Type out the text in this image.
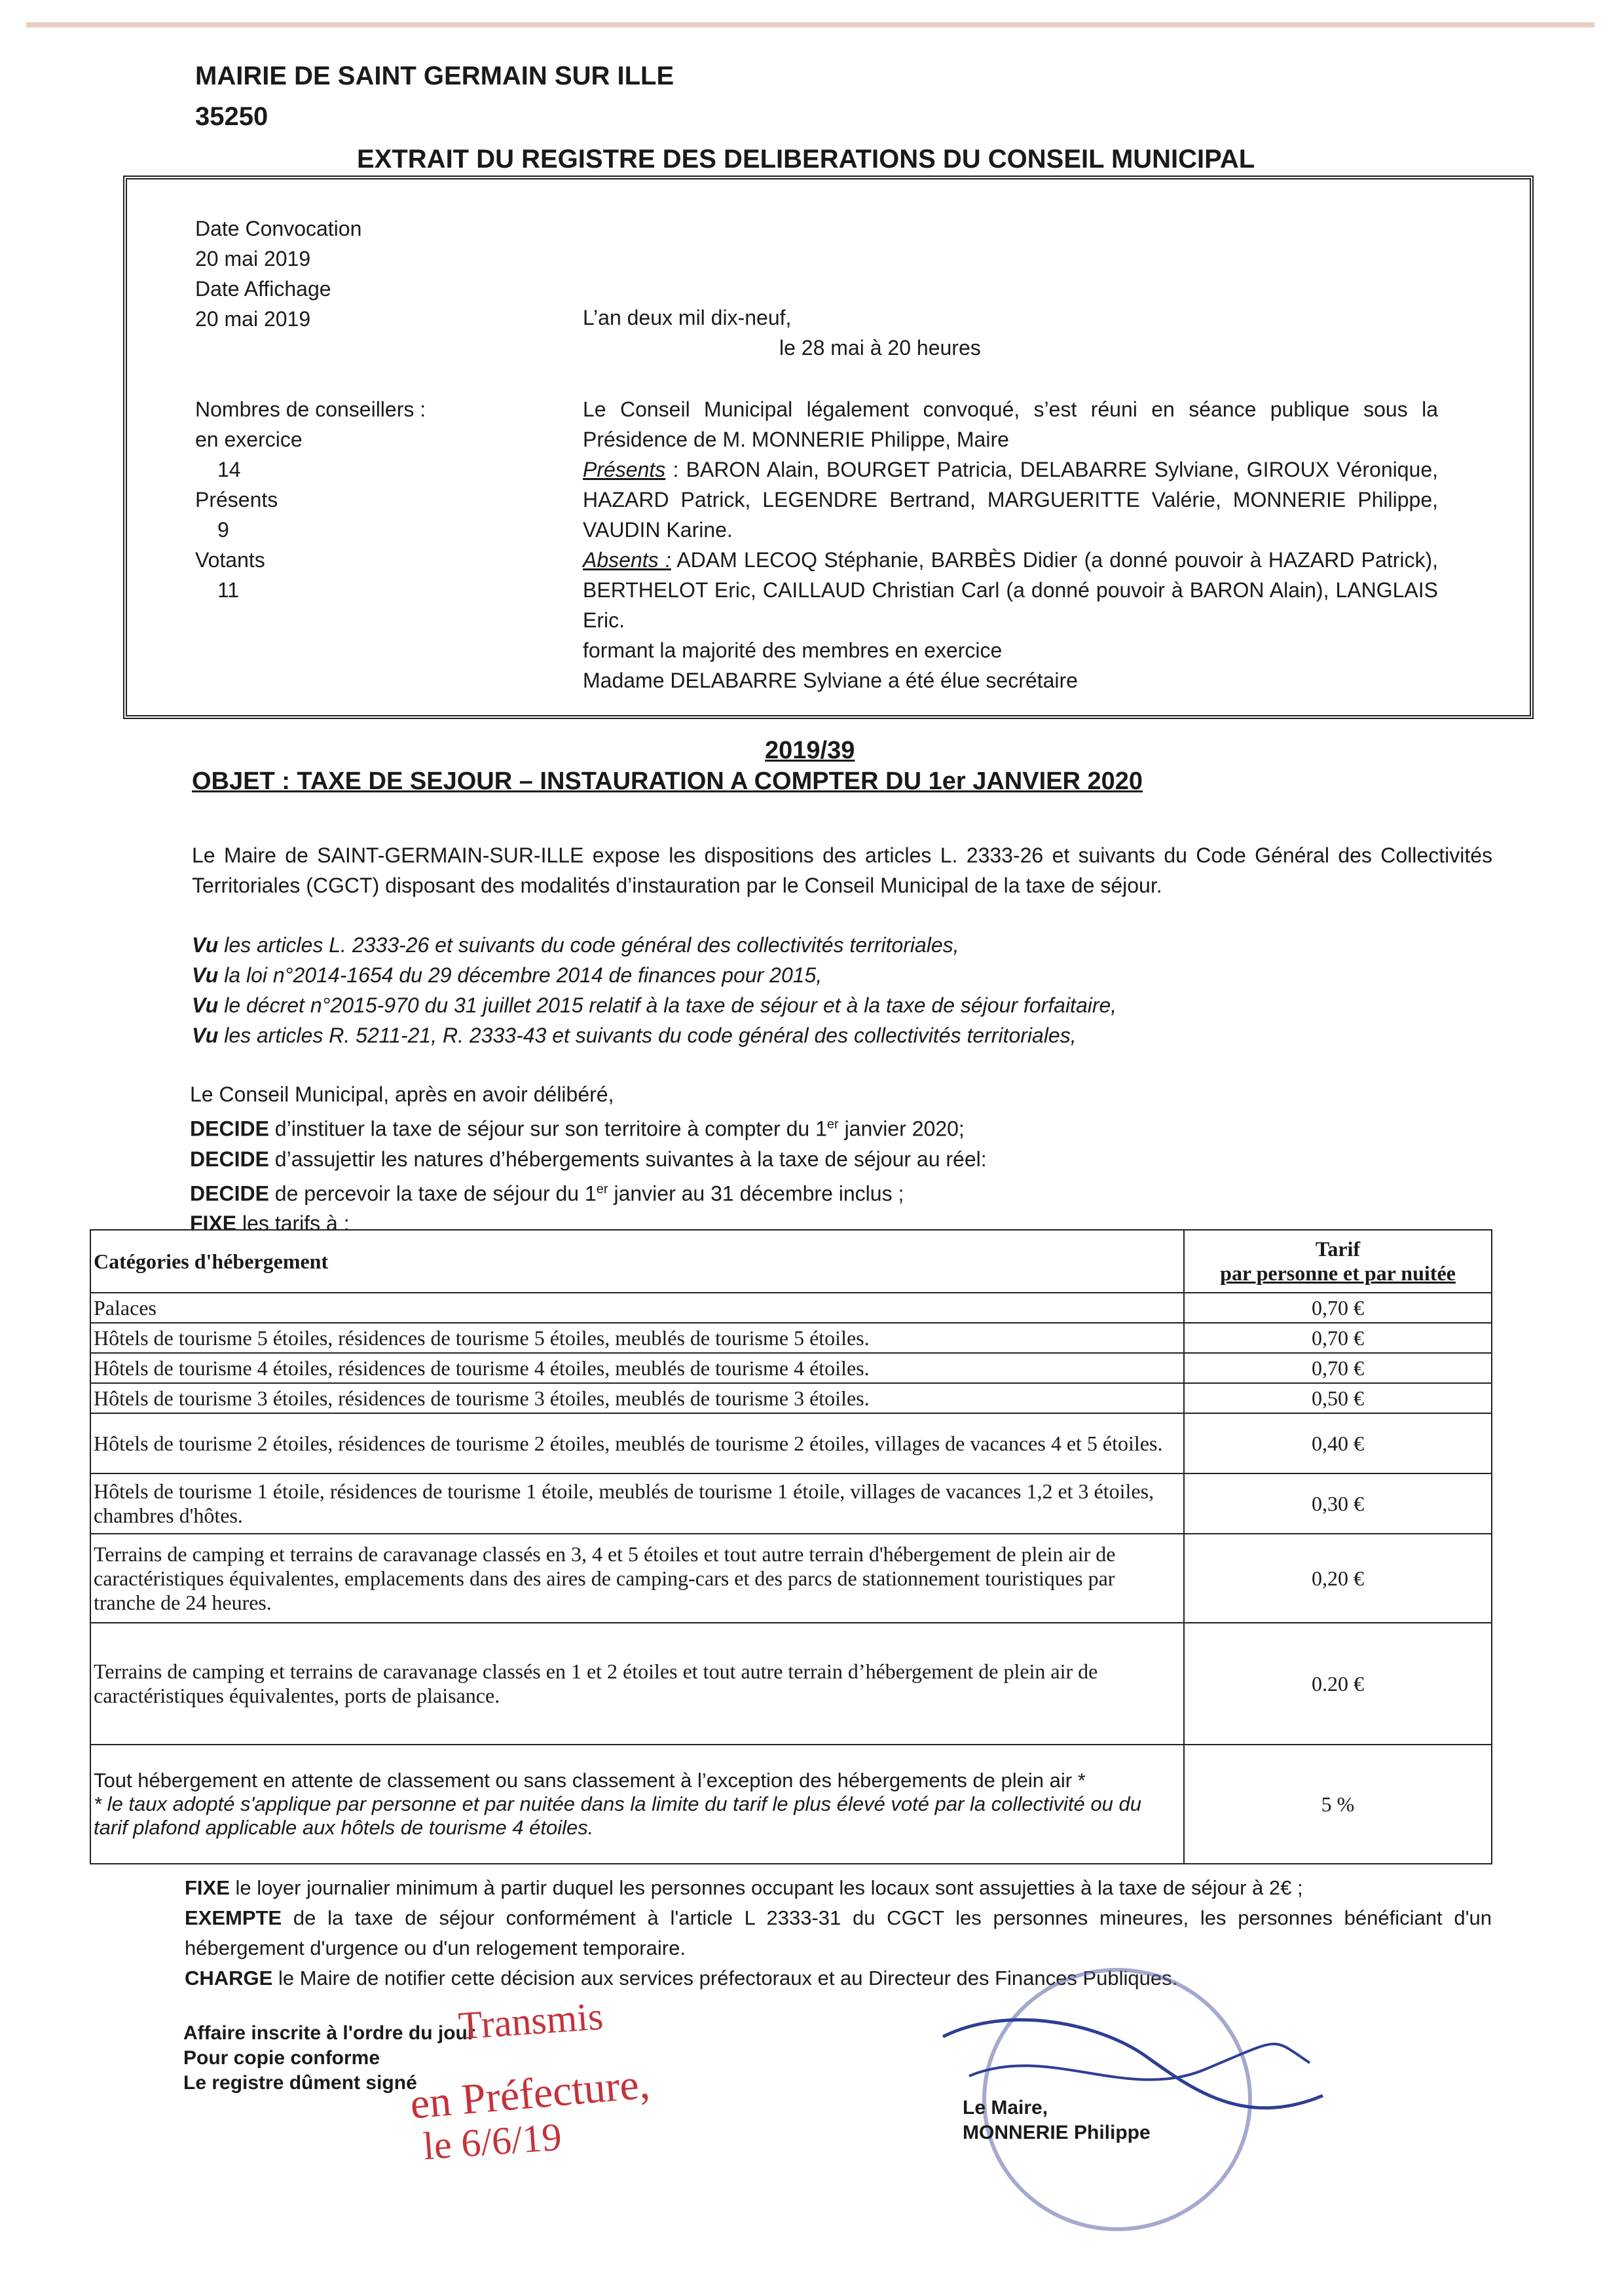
MAIRIE DE SAINT GERMAIN SUR ILLE
35250
EXTRAIT DU REGISTRE DES DELIBERATIONS DU CONSEIL MUNICIPAL
Date Convocation
20 mai 2019
Date Affichage
20 mai 2019
Nombres de conseillers :
en exercice
14
Présents
9
Votants
11
L’an deux mil dix-neuf,
le 28 mai à 20 heures
Le Conseil Municipal légalement convoqué, s’est réuni en séance publique sous la Présidence de M. MONNERIE Philippe, Maire
Présents : BARON Alain, BOURGET Patricia, DELABARRE Sylviane, GIROUX Véronique, HAZARD Patrick, LEGENDRE Bertrand, MARGUERITTE Valérie, MONNERIE Philippe, VAUDIN Karine.
Absents : ADAM LECOQ Stéphanie, BARBÈS Didier (a donné pouvoir à HAZARD Patrick), BERTHELOT Eric, CAILLAUD Christian Carl (a donné pouvoir à BARON Alain), LANGLAIS Eric.
formant la majorité des membres en exercice
Madame DELABARRE Sylviane a été élue secrétaire
2019/39
OBJET : TAXE DE SEJOUR – INSTAURATION A COMPTER DU 1er JANVIER 2020
Le Maire de SAINT-GERMAIN-SUR-ILLE expose les dispositions des articles L. 2333-26 et suivants du Code Général des Collectivités Territoriales (CGCT) disposant des modalités d’instauration par le Conseil Municipal de la taxe de séjour.
Vu les articles L. 2333-26 et suivants du code général des collectivités territoriales,
Vu la loi n°2014-1654 du 29 décembre 2014 de finances pour 2015,
Vu le décret n°2015-970 du 31 juillet 2015 relatif à la taxe de séjour et à la taxe de séjour forfaitaire,
Vu les articles R. 5211-21, R. 2333-43 et suivants du code général des collectivités territoriales,
Le Conseil Municipal, après en avoir délibéré,
DECIDE d’instituer la taxe de séjour sur son territoire à compter du 1er janvier 2020;
DECIDE d’assujettir les natures d’hébergements suivantes à la taxe de séjour au réel:
DECIDE de percevoir la taxe de séjour du 1er janvier au 31 décembre inclus ;
FIXE les tarifs à :
Catégories d'hébergement	Tarif
par personne et par nuitée

Palaces	0,70 €
Hôtels de tourisme 5 étoiles, résidences de tourisme 5 étoiles, meublés de tourisme 5 étoiles.	0,70 €
Hôtels de tourisme 4 étoiles, résidences de tourisme 4 étoiles, meublés de tourisme 4 étoiles.	0,70 €
Hôtels de tourisme 3 étoiles, résidences de tourisme 3 étoiles, meublés de tourisme 3 étoiles.	0,50 €
Hôtels de tourisme 2 étoiles, résidences de tourisme 2 étoiles, meublés de tourisme 2 étoiles, villages de vacances 4 et 5 étoiles.	0,40 €
Hôtels de tourisme 1 étoile, résidences de tourisme 1 étoile, meublés de tourisme 1 étoile, villages de vacances 1,2 et 3 étoiles, chambres d'hôtes.	0,30 €
Terrains de camping et terrains de caravanage classés en 3, 4 et 5 étoiles et tout autre terrain d'hébergement de plein air de caractéristiques équivalentes, emplacements dans des aires de camping-cars et des parcs de stationnement touristiques par tranche de 24 heures.	0,20 €
Terrains de camping et terrains de caravanage classés en 1 et 2 étoiles et tout autre terrain d’hébergement de plein air de caractéristiques équivalentes, ports de plaisance.	0.20 €

Tout hébergement en attente de classement ou sans classement à l’exception des hébergements de plein air *
* le taux adopté s'applique par personne et par nuitée dans la limite du tarif le plus élevé voté par la collectivité ou du tarif plafond applicable aux hôtels de tourisme 4 étoiles.	5 %
FIXE le loyer journalier minimum à partir duquel les personnes occupant les locaux sont assujetties à la taxe de séjour à 2€ ;
EXEMPTE de la taxe de séjour conformément à l'article L 2333-31 du CGCT les personnes mineures, les personnes bénéficiant d'un hébergement d'urgence ou d'un relogement temporaire.
CHARGE le Maire de notifier cette décision aux services préfectoraux et au Directeur des Finances Publiques.
Affaire inscrite à l'ordre du jour
Pour copie conforme
Le registre dûment signé
Transmis
en Préfecture,
le 6/6/19
Le Maire,
MONNERIE Philippe
